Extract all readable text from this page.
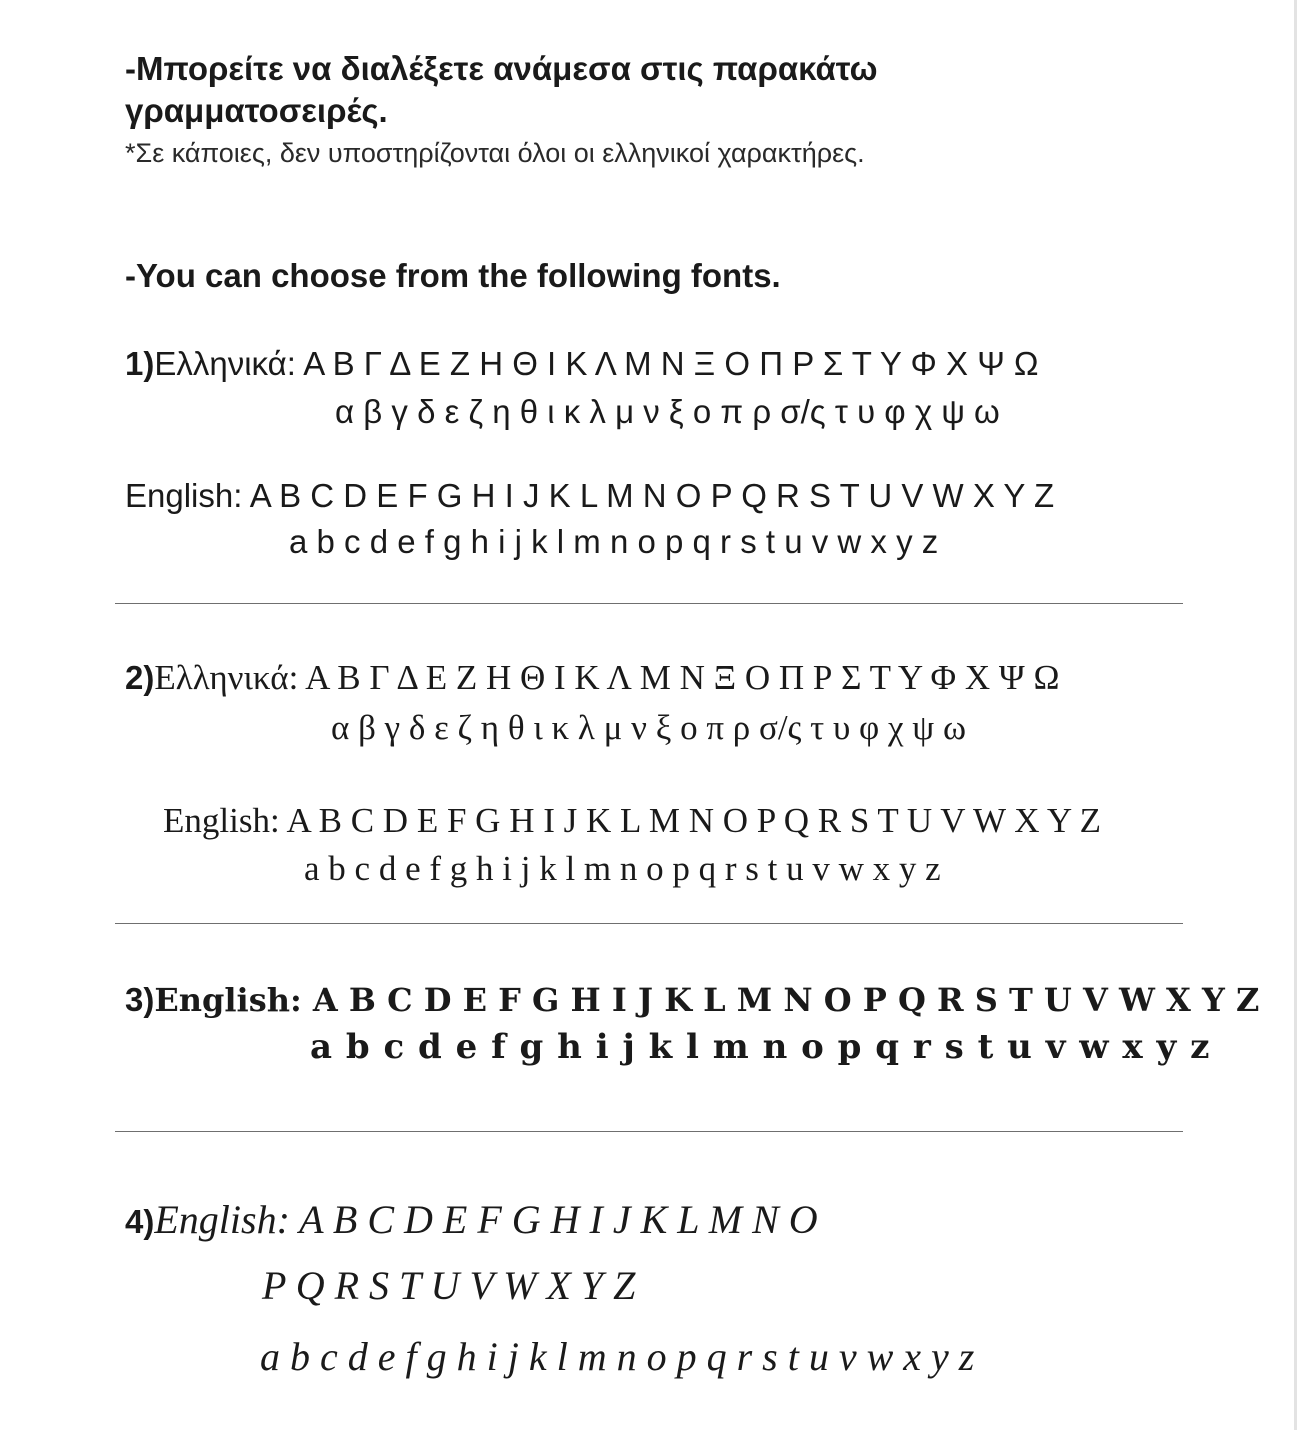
-Μπορείτε να διαλέξετε ανάμεσα στις παρακάτω γραμματοσειρές.
*Σε κάποιες, δεν υποστηρίζονται όλοι οι ελληνικοί χαρακτήρες.
-You can choose from the following fonts.
1)Ελληνικά: Α Β Γ Δ Ε Ζ Η Θ Ι Κ Λ Μ Ν Ξ Ο Π Ρ Σ Τ Υ Φ Χ Ψ Ω
α β γ δ ε ζ η θ ι κ λ μ ν ξ ο π ρ σ/ς τ υ φ χ ψ ω
English: A B C D E F G H I J K L M N O P Q R S T U V W X Y Z
a b c d e f g h i j k l m n o p q r s t u v w x y z
2)Ελληνικά: Α Β Γ Δ Ε Ζ Η Θ Ι Κ Λ Μ Ν Ξ Ο Π Ρ Σ Τ Υ Φ Χ Ψ Ω
α β γ δ ε ζ η θ ι κ λ μ ν ξ ο π ρ σ/ς τ υ φ χ ψ ω
English: A B C D E F G H I J K L M N O P Q R S T U V W X Y Z
a b c d e f g h i j k l m n o p q r s t u v w x y z
3)English: A B C D E F G H I J K L M N O P Q R S T U V W X Y Z
a b c d e f g h i j k l m n o p q r s t u v w x y z
4)English: A B C D E F G H I J K L M N O
P Q R S T U V W X Y Z
a b c d e f g h i j k l m n o p q r s t u v w x y z
